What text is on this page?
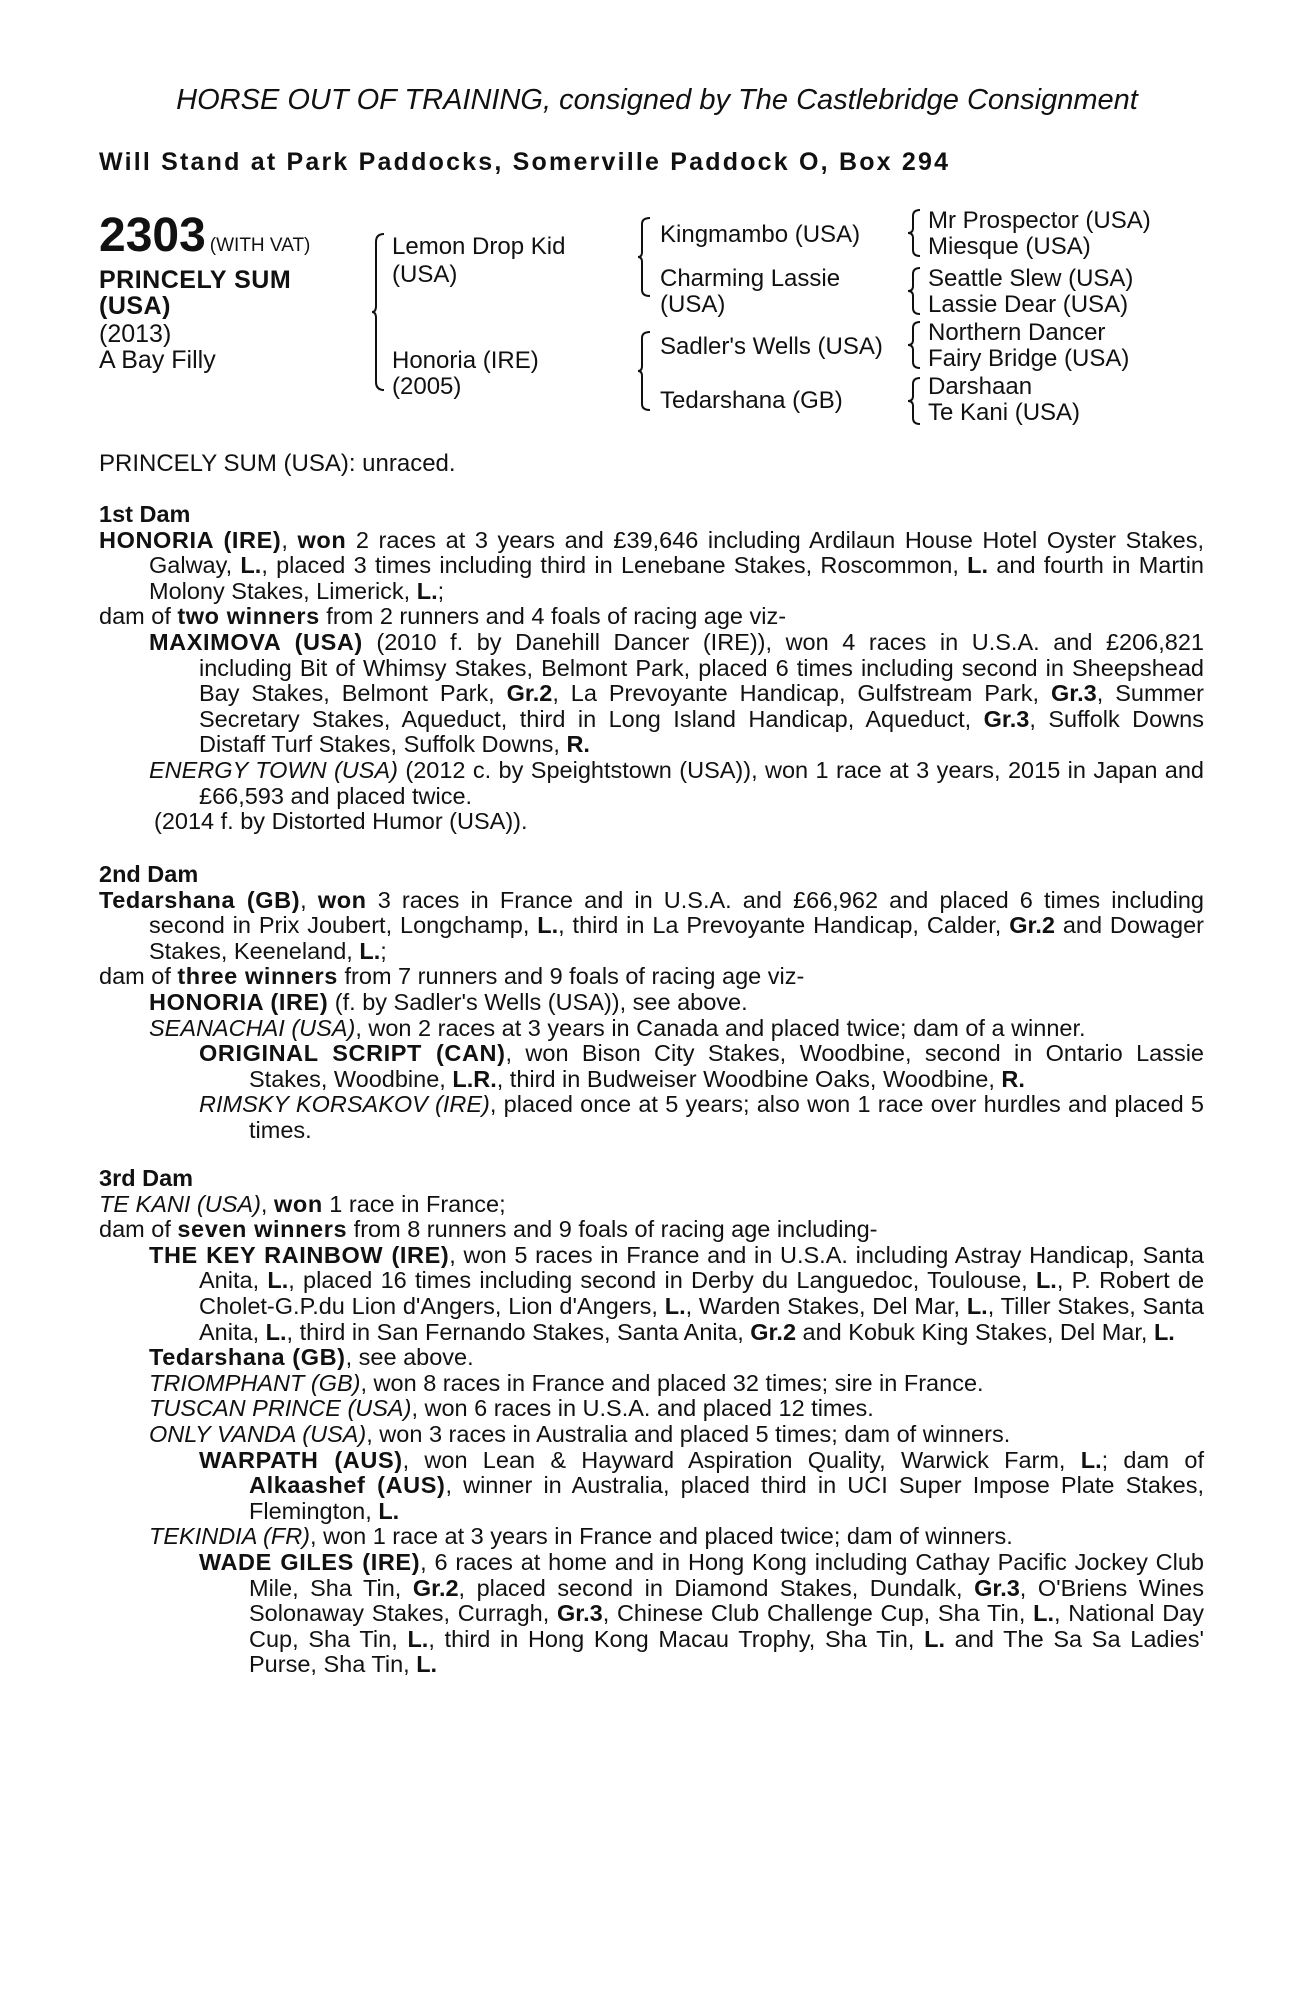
HORSE OUT OF TRAINING, consigned by The Castlebridge Consignment
Will Stand at Park Paddocks, Somerville Paddock O, Box 294
2303 (WITH VAT)
PRINCELY SUM
(USA)
(2013)
A Bay Filly
Lemon Drop Kid
(USA)
Honoria (IRE)
(2005)
Kingmambo (USA)
Charming Lassie
(USA)
Sadler's Wells (USA)
Tedarshana (GB)
Mr Prospector (USA)
Miesque (USA)
Seattle Slew (USA)
Lassie Dear (USA)
Northern Dancer
Fairy Bridge (USA)
Darshaan
Te Kani (USA)
PRINCELY SUM (USA): unraced.
1st Dam

HONORIA (IRE), won 2 races at 3 years and £39,646 including Ardilaun House Hotel Oyster Stakes, Galway, L., placed 3 times including third in Lenebane Stakes, Roscommon, L. and fourth in Martin Molony Stakes, Limerick, L.;

dam of two winners from 2 runners and 4 foals of racing age viz-

MAXIMOVA (USA) (2010 f. by Danehill Dancer (IRE)), won 4 races in U.S.A. and £206,821 including Bit of Whimsy Stakes, Belmont Park, placed 6 times including second in Sheepshead Bay Stakes, Belmont Park, Gr.2, La Prevoyante Handicap, Gulfstream Park, Gr.3, Summer Secretary Stakes, Aqueduct, third in Long Island Handicap, Aqueduct, Gr.3, Suffolk Downs Distaff Turf Stakes, Suffolk Downs, R.

ENERGY TOWN (USA) (2012 c. by Speightstown (USA)), won 1 race at 3 years, 2015 in Japan and £66,593 and placed twice.

(2014 f. by Distorted Humor (USA)).

2nd Dam

Tedarshana (GB), won 3 races in France and in U.S.A. and £66,962 and placed 6 times including second in Prix Joubert, Longchamp, L., third in La Prevoyante Handicap, Calder, Gr.2 and Dowager Stakes, Keeneland, L.;

dam of three winners from 7 runners and 9 foals of racing age viz-

HONORIA (IRE) (f. by Sadler's Wells (USA)), see above.

SEANACHAI (USA), won 2 races at 3 years in Canada and placed twice; dam of a winner.

ORIGINAL SCRIPT (CAN), won Bison City Stakes, Woodbine, second in Ontario Lassie Stakes, Woodbine, L.R., third in Budweiser Woodbine Oaks, Woodbine, R.

RIMSKY KORSAKOV (IRE), placed once at 5 years; also won 1 race over hurdles and placed 5 times.

3rd Dam

TE KANI (USA), won 1 race in France;

dam of seven winners from 8 runners and 9 foals of racing age including-

THE KEY RAINBOW (IRE), won 5 races in France and in U.S.A. including Astray Handicap, Santa Anita, L., placed 16 times including second in Derby du Languedoc, Toulouse, L., P. Robert de Cholet-G.P.du Lion d'Angers, Lion d'Angers, L., Warden Stakes, Del Mar, L., Tiller Stakes, Santa Anita, L., third in San Fernando Stakes, Santa Anita, Gr.2 and Kobuk King Stakes, Del Mar, L.

Tedarshana (GB), see above.

TRIOMPHANT (GB), won 8 races in France and placed 32 times; sire in France.

TUSCAN PRINCE (USA), won 6 races in U.S.A. and placed 12 times.

ONLY VANDA (USA), won 3 races in Australia and placed 5 times; dam of winners.

WARPATH (AUS), won Lean & Hayward Aspiration Quality, Warwick Farm, L.; dam of Alkaashef (AUS), winner in Australia, placed third in UCI Super Impose Plate Stakes, Flemington, L.

TEKINDIA (FR), won 1 race at 3 years in France and placed twice; dam of winners.

WADE GILES (IRE), 6 races at home and in Hong Kong including Cathay Pacific Jockey Club Mile, Sha Tin, Gr.2, placed second in Diamond Stakes, Dundalk, Gr.3, O'Briens Wines Solonaway Stakes, Curragh, Gr.3, Chinese Club Challenge Cup, Sha Tin, L., National Day Cup, Sha Tin, L., third in Hong Kong Macau Trophy, Sha Tin, L. and The Sa Sa Ladies' Purse, Sha Tin, L.
